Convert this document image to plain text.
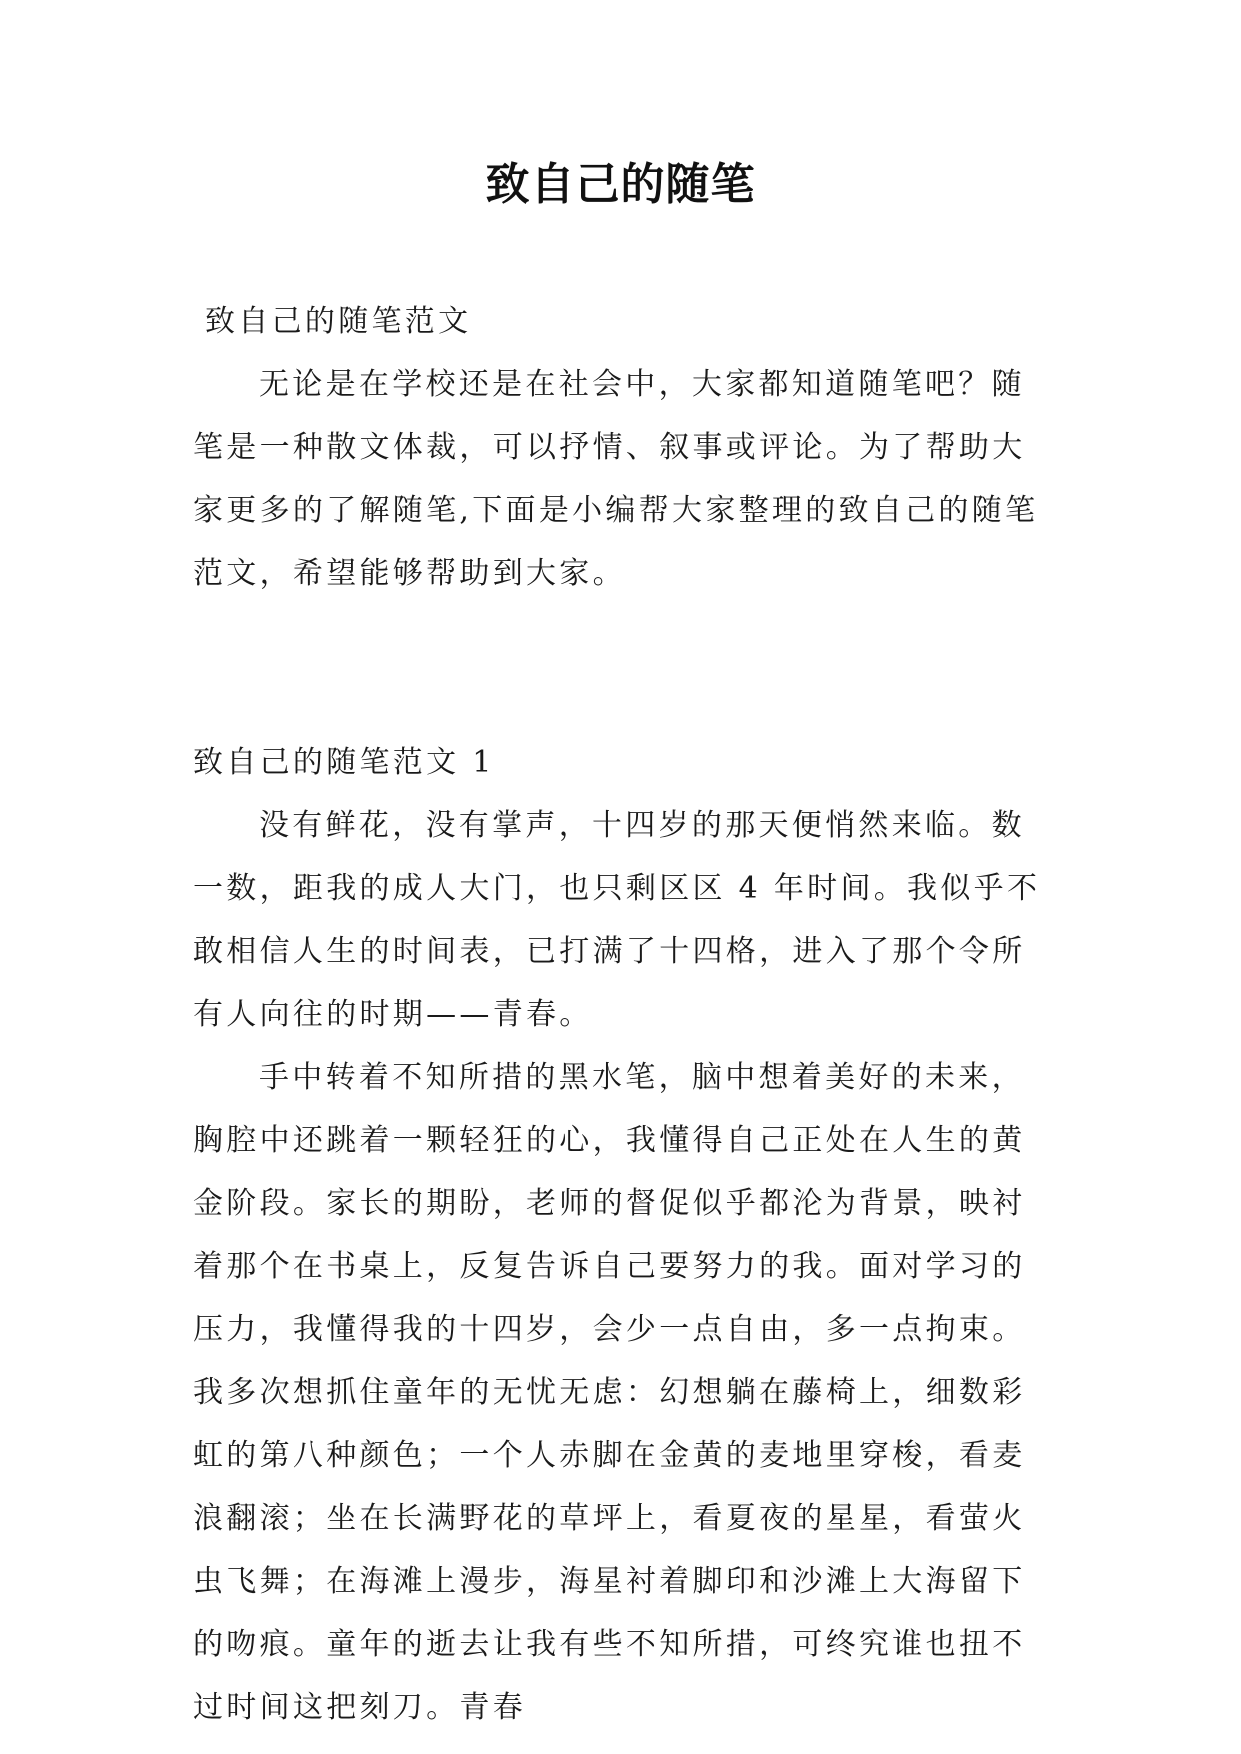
致自己的随笔

致自己的随笔范文

无论是在学校还是在社会中，大家都知道随笔吧？随笔是一种散文体裁，可以抒情、叙事或评论。为了帮助大家更多的了解随笔,下面是小编帮大家整理的致自己的随笔范文，希望能够帮助到大家。

致自己的随笔范文 1

没有鲜花，没有掌声，十四岁的那天便悄然来临。数一数，距我的成人大门，也只剩区区 4 年时间。我似乎不敢相信人生的时间表，已打满了十四格，进入了那个令所有人向往的时期——青春。

手中转着不知所措的黑水笔，脑中想着美好的未来，胸腔中还跳着一颗轻狂的心，我懂得自己正处在人生的黄金阶段。家长的期盼，老师的督促似乎都沦为背景，映衬着那个在书桌上，反复告诉自己要努力的我。面对学习的压力，我懂得我的十四岁，会少一点自由，多一点拘束。我多次想抓住童年的无忧无虑：幻想躺在藤椅上，细数彩虹的第八种颜色；一个人赤脚在金黄的麦地里穿梭，看麦浪翻滚；坐在长满野花的草坪上，看夏夜的星星，看萤火虫飞舞；在海滩上漫步，海星衬着脚印和沙滩上大海留下的吻痕。童年的逝去让我有些不知所措，可终究谁也扭不过时间这把刻刀。青春
